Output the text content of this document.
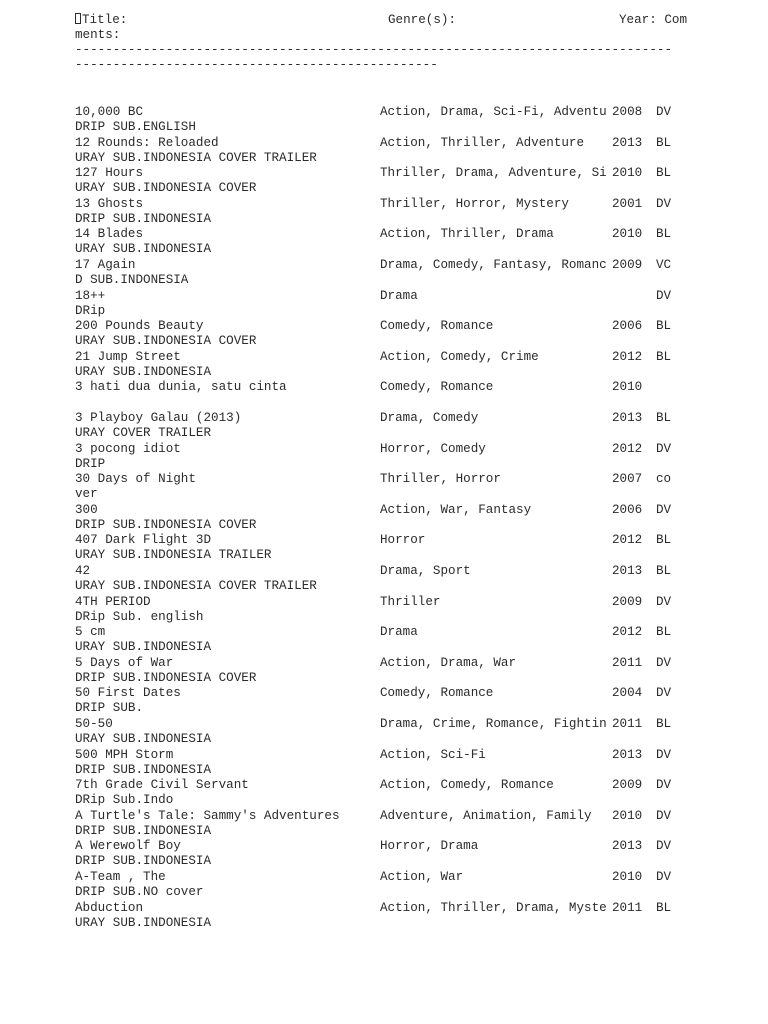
Title:	Genre(s):	Year: Com
ments:
-------------------------------------------------------------------------------
------------------------------------------------
10,000 BC	Action, Drama, Sci-Fi, Adventu 2008 DV
DRIP SUB.ENGLISH
12 Rounds: Reloaded	Action, Thriller, Adventure 2013 BL
URAY SUB.INDONESIA COVER TRAILER
127 Hours	Thriller, Drama, Adventure, Si 2010 BL
URAY SUB.INDONESIA COVER
13 Ghosts	Thriller, Horror, Mystery	2001 DV
DRIP SUB.INDONESIA
14 Blades	Action, Thriller, Drama	2010 BL
URAY SUB.INDONESIA
17 Again	Drama, Comedy, Fantasy, Romanc 2009 VC
D SUB.INDONESIA
18++	Drama	DV
DRip
200 Pounds Beauty	Comedy, Romance	2006 BL
URAY SUB.INDONESIA COVER
21 Jump Street	Action, Comedy, Crime	2012 BL
URAY SUB.INDONESIA
3 hati dua dunia, satu cinta	Comedy, Romance	2010
3 Playboy Galau (2013)	Drama, Comedy	2013 BL
URAY COVER TRAILER
3 pocong idiot	Horror, Comedy	2012 DV
DRIP
30 Days of Night	Thriller, Horror	2007 co
ver
300	Action, War, Fantasy	2006 DV
DRIP SUB.INDONESIA COVER
407 Dark Flight 3D	Horror	2012 BL
URAY SUB.INDONESIA TRAILER
42	Drama, Sport	2013 BL
URAY SUB.INDONESIA COVER TRAILER
4TH PERIOD	Thriller	2009 DV
DRip Sub. english
5 cm	Drama	2012 BL
URAY SUB.INDONESIA
5 Days of War	Action, Drama, War	2011 DV
DRIP SUB.INDONESIA COVER
50 First Dates	Comedy, Romance	2004 DV
DRIP SUB.
50-50	Drama, Crime, Romance, Fightin 2011 BL
URAY SUB.INDONESIA
500 MPH Storm	Action, Sci-Fi	2013 DV
DRIP SUB.INDONESIA
7th Grade Civil Servant	Action, Comedy, Romance	2009 DV
DRip Sub.Indo
A Turtle's Tale: Sammy's Adventures	Adventure, Animation, Family 2010 DV
DRIP SUB.INDONESIA
A Werewolf Boy	Horror, Drama	2013 DV
DRIP SUB.INDONESIA
A-Team , The	Action, War	2010 DV
DRIP SUB.NO cover
Abduction	Action, Thriller, Drama, Myste 2011 BL
URAY SUB.INDONESIA
